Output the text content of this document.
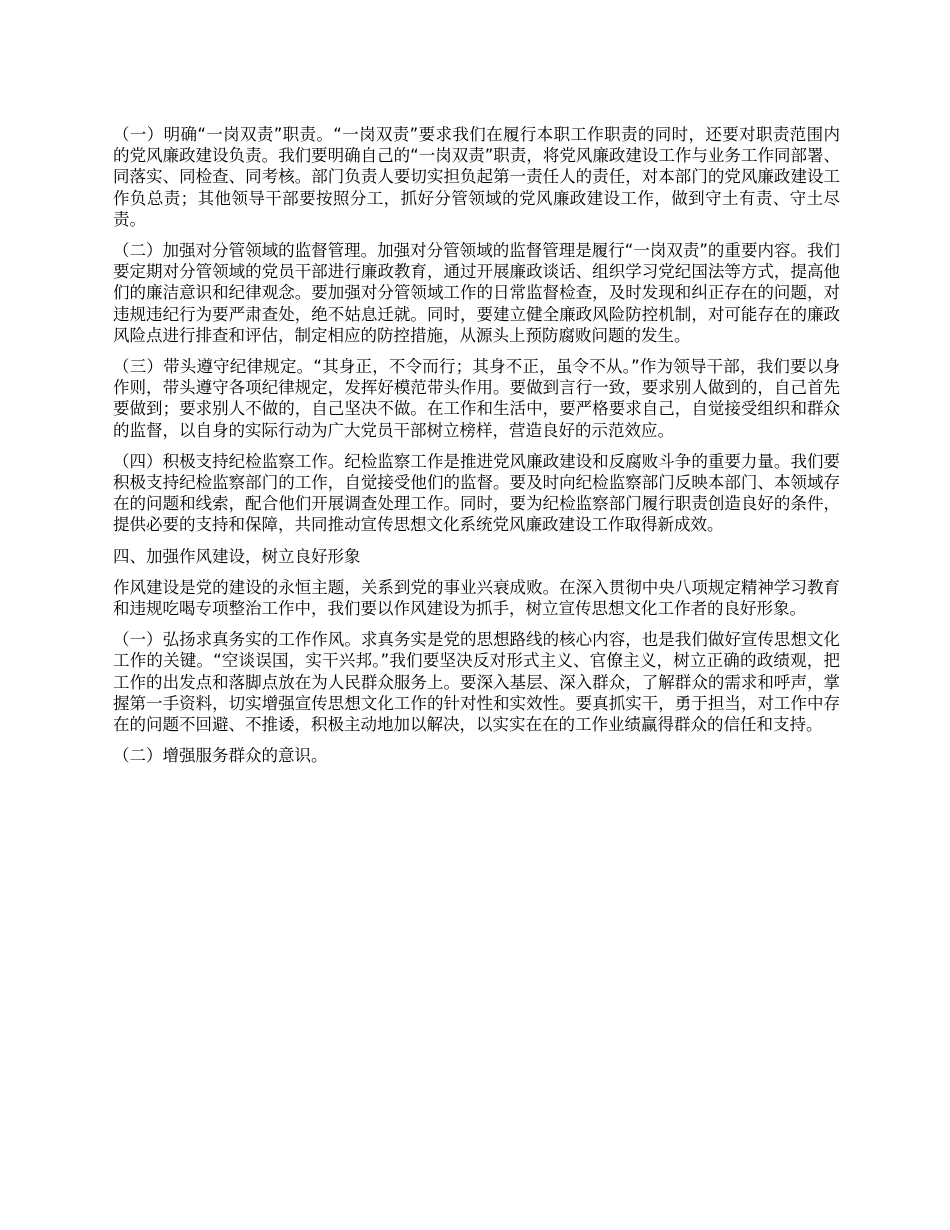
（一）明确“一岗双责”职责。“一岗双责”要求我们在履行本职工作职责的同时，还要对职责范围内的党风廉政建设负责。我们要明确自己的“一岗双责”职责，将党风廉政建设工作与业务工作同部署、同落实、同检查、同考核。部门负责人要切实担负起第一责任人的责任，对本部门的党风廉政建设工作负总责；其他领导干部要按照分工，抓好分管领域的党风廉政建设工作，做到守土有责、守土尽责。

（二）加强对分管领域的监督管理。加强对分管领域的监督管理是履行“一岗双责”的重要内容。我们要定期对分管领域的党员干部进行廉政教育，通过开展廉政谈话、组织学习党纪国法等方式，提高他们的廉洁意识和纪律观念。要加强对分管领域工作的日常监督检查，及时发现和纠正存在的问题，对违规违纪行为要严肃查处，绝不姑息迁就。同时，要建立健全廉政风险防控机制，对可能存在的廉政风险点进行排查和评估，制定相应的防控措施，从源头上预防腐败问题的发生。

（三）带头遵守纪律规定。“其身正，不令而行；其身不正，虽令不从。”作为领导干部，我们要以身作则，带头遵守各项纪律规定，发挥好模范带头作用。要做到言行一致，要求别人做到的，自己首先要做到；要求别人不做的，自己坚决不做。在工作和生活中，要严格要求自己，自觉接受组织和群众的监督，以自身的实际行动为广大党员干部树立榜样，营造良好的示范效应。

（四）积极支持纪检监察工作。纪检监察工作是推进党风廉政建设和反腐败斗争的重要力量。我们要积极支持纪检监察部门的工作，自觉接受他们的监督。要及时向纪检监察部门反映本部门、本领域存在的问题和线索，配合他们开展调查处理工作。同时，要为纪检监察部门履行职责创造良好的条件，提供必要的支持和保障，共同推动宣传思想文化系统党风廉政建设工作取得新成效。

四、加强作风建设，树立良好形象

作风建设是党的建设的永恒主题，关系到党的事业兴衰成败。在深入贯彻中央八项规定精神学习教育和违规吃喝专项整治工作中，我们要以作风建设为抓手，树立宣传思想文化工作者的良好形象。

（一）弘扬求真务实的工作作风。求真务实是党的思想路线的核心内容，也是我们做好宣传思想文化工作的关键。“空谈误国，实干兴邦。”我们要坚决反对形式主义、官僚主义，树立正确的政绩观，把工作的出发点和落脚点放在为人民群众服务上。要深入基层、深入群众，了解群众的需求和呼声，掌握第一手资料，切实增强宣传思想文化工作的针对性和实效性。要真抓实干，勇于担当，对工作中存在的问题不回避、不推诿，积极主动地加以解决，以实实在在的工作业绩赢得群众的信任和支持。

（二）增强服务群众的意识。
